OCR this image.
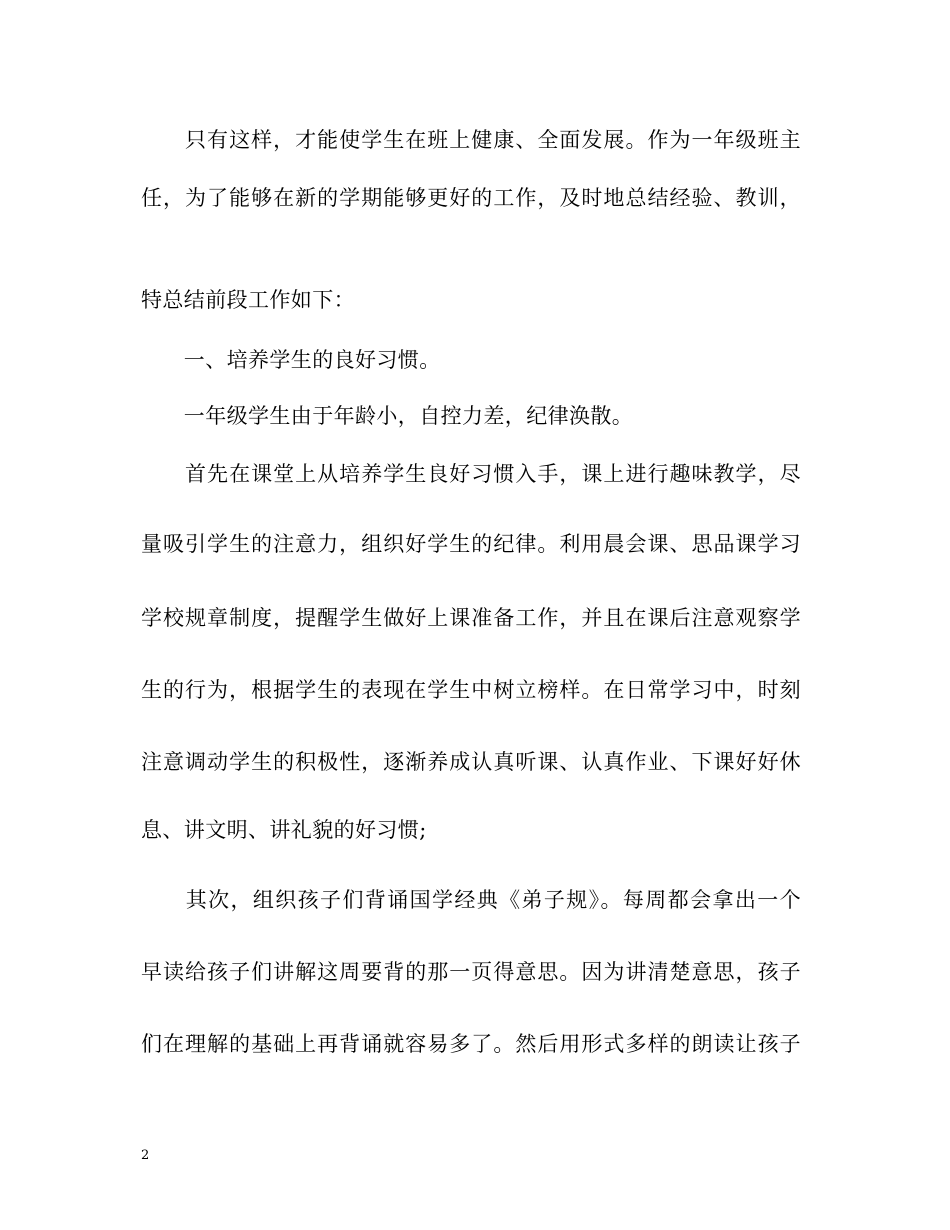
　　只有这样，才能使学生在班上健康、全面发展。作为一年级班主
任，为了能够在新的学期能够更好的工作，及时地总结经验、教训，
特总结前段工作如下：
　　一、培养学生的良好习惯。
　　一年级学生由于年龄小，自控力差，纪律涣散。
　　首先在课堂上从培养学生良好习惯入手，课上进行趣味教学，尽
量吸引学生的注意力，组织好学生的纪律。利用晨会课、思品课学习
学校规章制度，提醒学生做好上课准备工作，并且在课后注意观察学
生的行为，根据学生的表现在学生中树立榜样。在日常学习中，时刻
注意调动学生的积极性，逐渐养成认真听课、认真作业、下课好好休
息、讲文明、讲礼貌的好习惯;
　　其次，组织孩子们背诵国学经典《弟子规》。每周都会拿出一个
早读给孩子们讲解这周要背的那一页得意思。因为讲清楚意思，孩子
们在理解的基础上再背诵就容易多了。然后用形式多样的朗读让孩子
2
